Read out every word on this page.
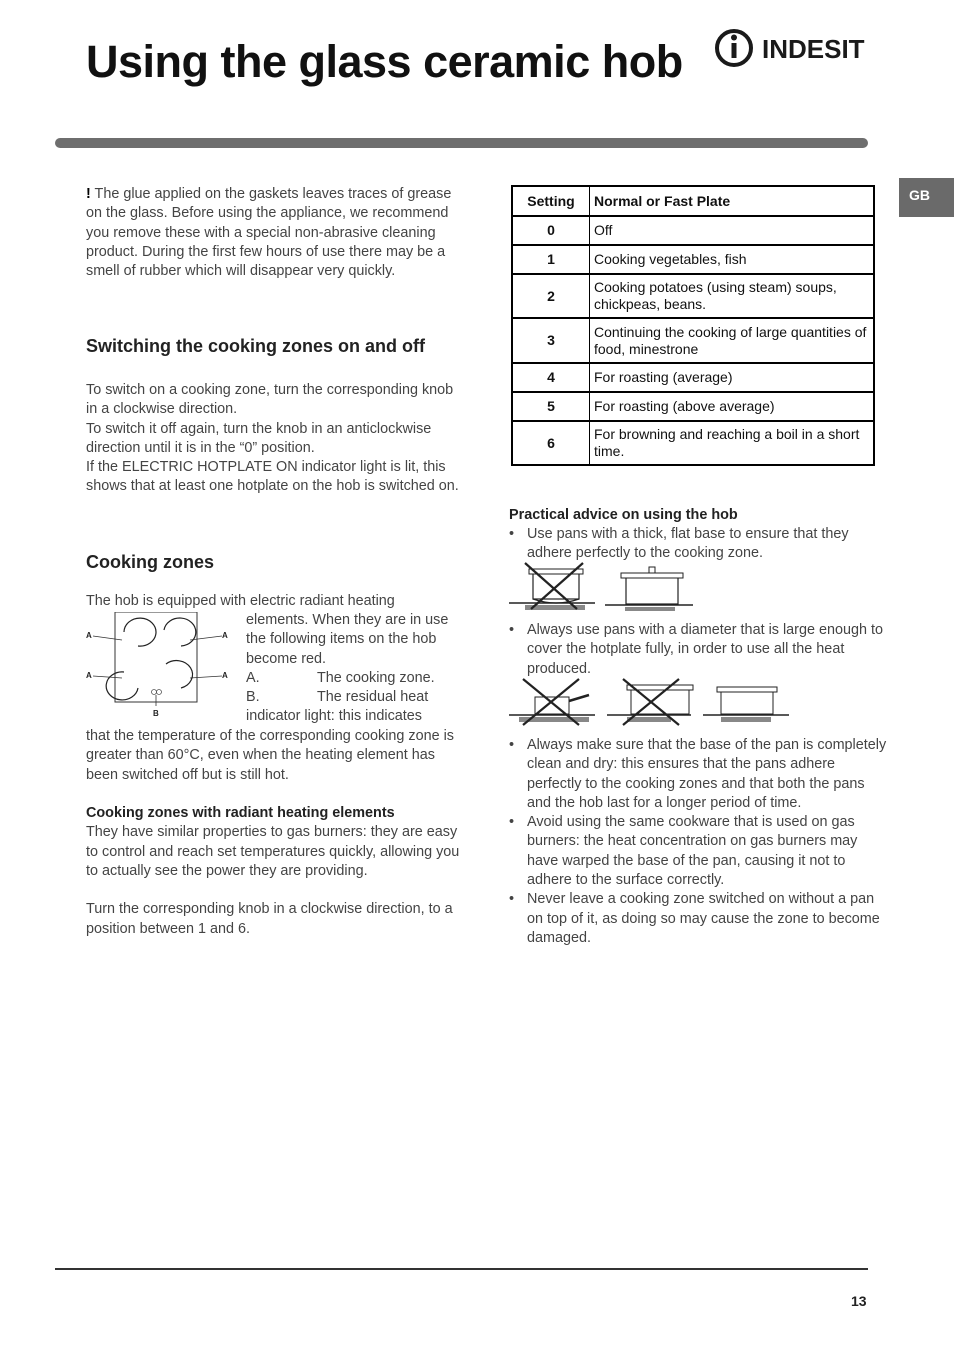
Using the glass ceramic hob	INDESIT
GB
! The glue applied on the gaskets leaves traces of grease on the glass. Before using the appliance, we recommend you remove these with a special non-abrasive cleaning product. During the first few hours of use there may be a smell of rubber which will disappear very quickly.
Switching the cooking zones on and off

To switch on a cooking zone, turn the corresponding knob in a clockwise direction.

To switch it off again, turn the knob in an anticlockwise direction until it is in the “0” position.

If the ELECTRIC HOTPLATE ON indicator light is lit, this shows that at least one hotplate on the hob is switched on.

Cooking zones
The hob is equipped with electric radiant heating
A	A
A	A
B

elements. When they are in use the following items on the hob become red.

A.	The cooking zone.

B.	The residual heat

indicator light: this indicates

that the temperature of the corresponding cooking zone is greater than 60°C, even when the heating element has been switched off but is still hot.

Cooking zones with radiant heating elements

They have similar properties to gas burners: they are easy to control and reach set temperatures quickly, allowing you to actually see the power they are providing.

Turn the corresponding knob in a clockwise direction, to a position between 1 and 6.

Setting	Normal or Fast Plate
0	Off
1	Cooking vegetables, fish
2	Cooking potatoes (using steam) soups, chickpeas, beans.
3	Continuing the cooking of large quantities of food, minestrone
4	For roasting (average)
5	For roasting (above average)
6	For browning and reaching a boil in a short time.

Practical advice on using the hob

• Use pans with a thick, flat base to ensure that they adhere perfectly to the cooking zone.
• Always use pans with a diameter that is large enough to cover the hotplate fully, in order to use all the heat produced.
• Always make sure that the base of the pan is completely clean and dry: this ensures that the pans adhere perfectly to the cooking zones and that both the pans and the hob last for a longer period of time.
• Avoid using the same cookware that is used on gas burners: the heat concentration on gas burners may have warped the base of the pan, causing it not to adhere to the surface correctly.
• Never leave a cooking zone switched on without a pan on top of it, as doing so may cause the zone to become damaged.
13
